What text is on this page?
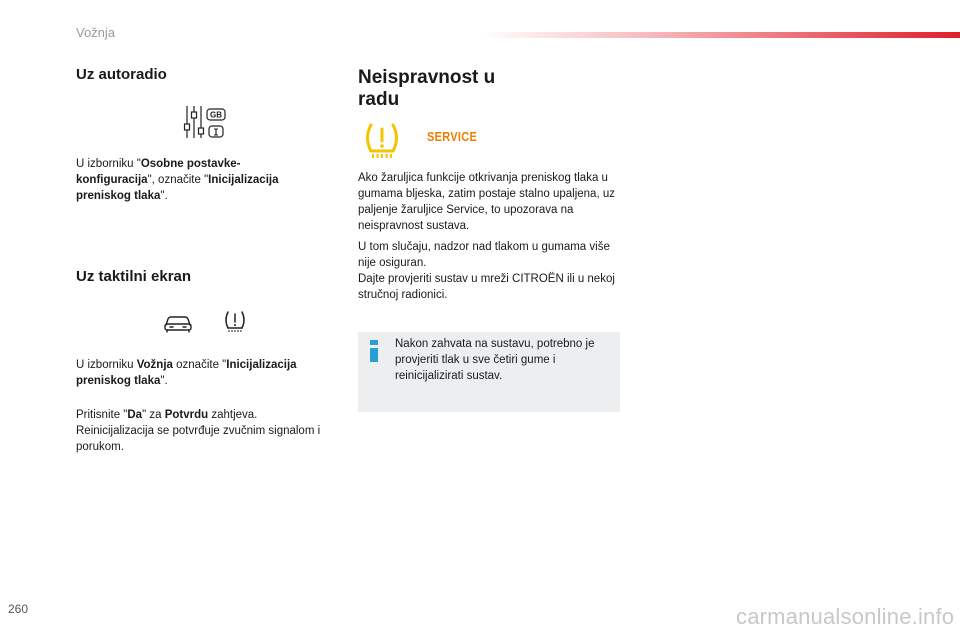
Vožnja
Uz autoradio
GB
U izborniku "Osobne postavke-konfiguracija", označite "Inicijalizacija preniskog tlaka".
Uz taktilni ekran
U izborniku Vožnja označite "Inicijalizacija preniskog tlaka".
Pritisnite "Da" za Potvrdu zahtjeva.
Reinicijalizacija se potvrđuje zvučnim signalom i porukom.
Neispravnost u radu
SERVICE
Ako žaruljica funkcije otkrivanja preniskog tlaka u gumama bljeska, zatim postaje stalno upaljena, uz paljenje žaruljice Service, to upozorava na neispravnost sustava.
U tom slučaju, nadzor nad tlakom u gumama više nije osiguran.
Dajte provjeriti sustav u mreži CITROËN ili u nekoj stručnoj radionici.
Nakon zahvata na sustavu, potrebno je provjeriti tlak u sve četiri gume i reinicijalizirati sustav.
260	carmanualsonline.info
